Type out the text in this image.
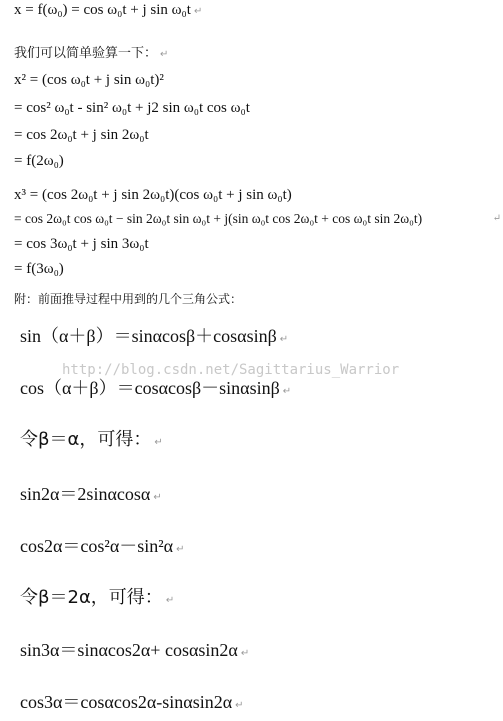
x = f(ω₀) = cos ω₀t + j sin ω₀t ↵
我们可以简单验算一下： ↵
x² = (cos ω₀t + j sin ω₀t)²
= cos² ω₀t - sin² ω₀t + j2 sin ω₀t cos ω₀t
= cos 2ω₀t + j sin 2ω₀t
= f(2ω₀)
x³ = (cos 2ω₀t + j sin 2ω₀t)(cos ω₀t + j sin ω₀t)
= cos 2ω₀t cos ω₀t − sin 2ω₀t sin ω₀t + j(sin ω₀t cos 2ω₀t + cos ω₀t sin 2ω₀t)	↵
= cos 3ω₀t + j sin 3ω₀t
= f(3ω₀)
附：前面推导过程中用到的几个三角公式：
sin（α＋β）＝sinαcosβ＋cosαsinβ ↵
http://blog.csdn.net/Sagittarius_Warrior
cos（α＋β）＝cosαcosβ－sinαsinβ ↵
令β＝α，可得： ↵
sin2α＝2sinαcosα ↵
cos2α＝cos²α－sin²α ↵
令β＝2α，可得： ↵
sin3α＝sinαcos2α+ cosαsin2α ↵
cos3α＝cosαcos2α-sinαsin2α ↵
